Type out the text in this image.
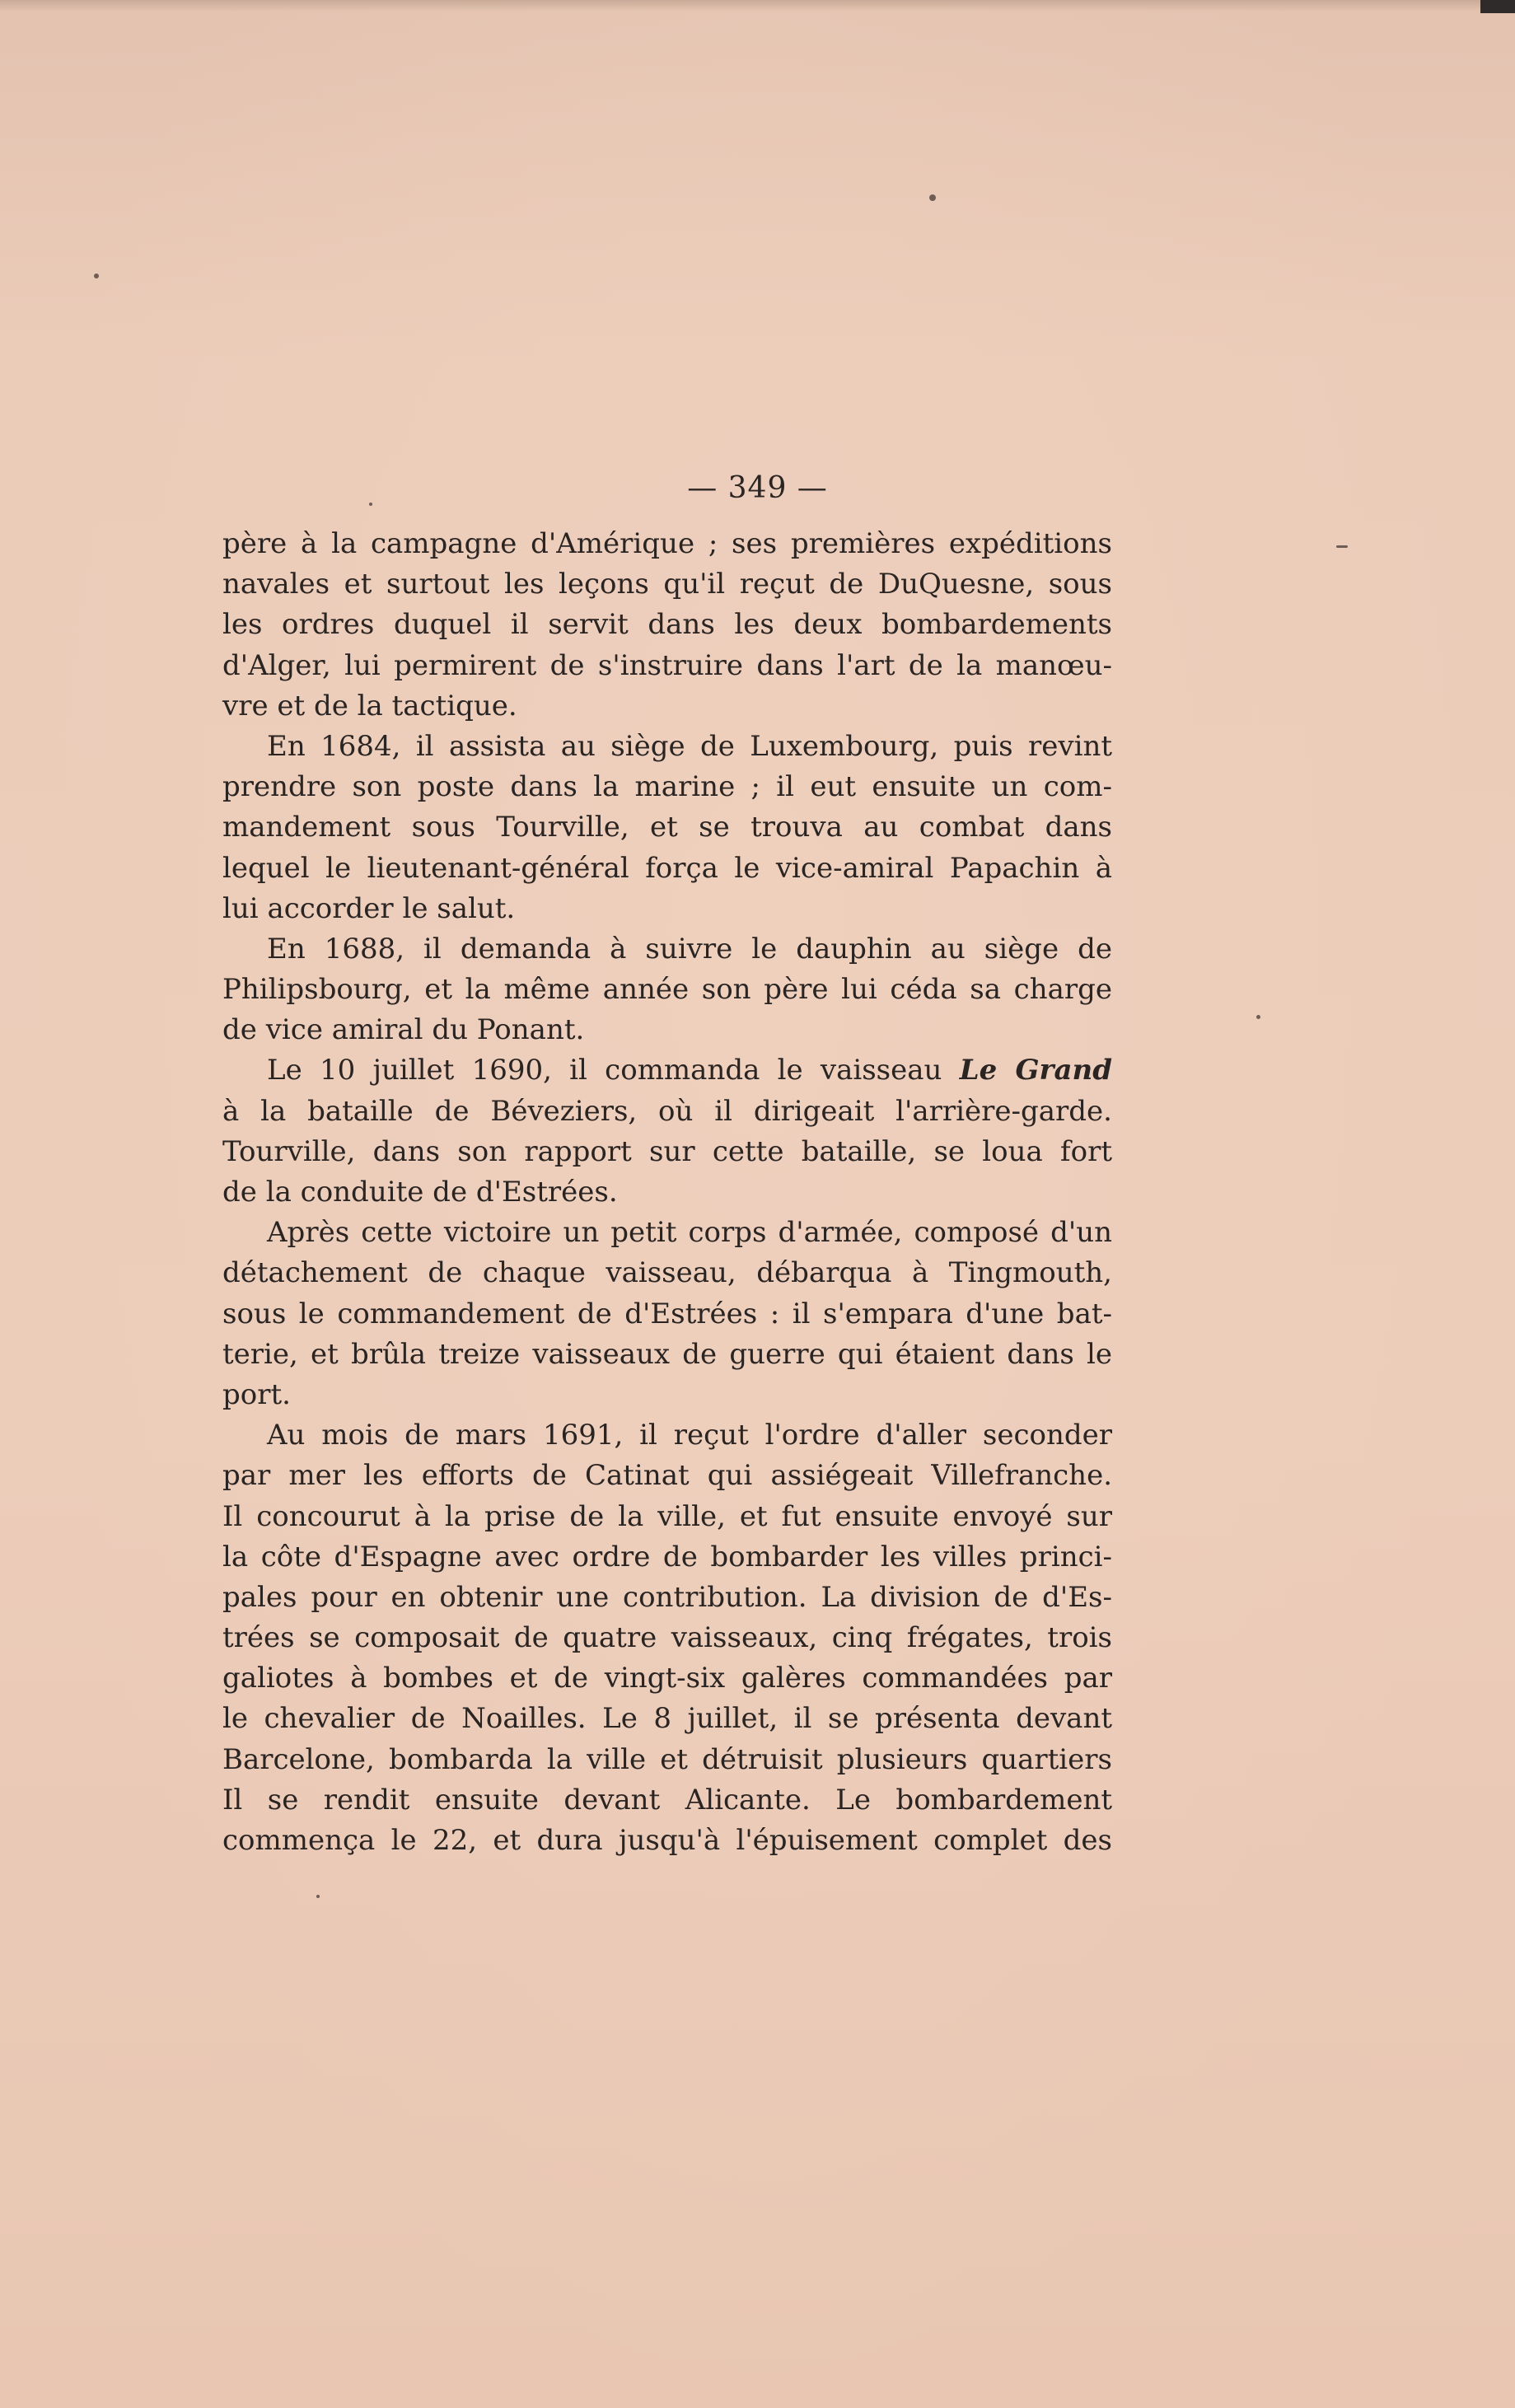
— 349 —

père à la campagne d'Amérique ; ses premières expéditions
navales et surtout les leçons qu'il reçut de DuQuesne, sous
les ordres duquel il servit dans les deux bombardements
d'Alger, lui permirent de s'instruire dans l'art de la manœu-
vre et de la tactique.
En 1684, il assista au siège de Luxembourg, puis revint
prendre son poste dans la marine ; il eut ensuite un com-
mandement sous Tourville, et se trouva au combat dans
lequel le lieutenant-général força le vice-amiral Papachin à
lui accorder le salut.
En 1688, il demanda à suivre le dauphin au siège de
Philipsbourg, et la même année son père lui céda sa charge
de vice amiral du Ponant.
Le 10 juillet 1690, il commanda le vaisseau Le Grand
à la bataille de Béveziers, où il dirigeait l'arrière-garde.
Tourville, dans son rapport sur cette bataille, se loua fort
de la conduite de d'Estrées.
Après cette victoire un petit corps d'armée, composé d'un
détachement de chaque vaisseau, débarqua à Tingmouth,
sous le commandement de d'Estrées : il s'empara d'une bat-
terie, et brûla treize vaisseaux de guerre qui étaient dans le
port.
Au mois de mars 1691, il reçut l'ordre d'aller seconder
par mer les efforts de Catinat qui assiégeait Villefranche.
Il concourut à la prise de la ville, et fut ensuite envoyé sur
la côte d'Espagne avec ordre de bombarder les villes princi-
pales pour en obtenir une contribution. La division de d'Es-
trées se composait de quatre vaisseaux, cinq frégates, trois
galiotes à bombes et de vingt-six galères commandées par
le chevalier de Noailles. Le 8 juillet, il se présenta devant
Barcelone, bombarda la ville et détruisit plusieurs quartiers
Il se rendit ensuite devant Alicante. Le bombardement
commença le 22, et dura jusqu'à l'épuisement complet des
